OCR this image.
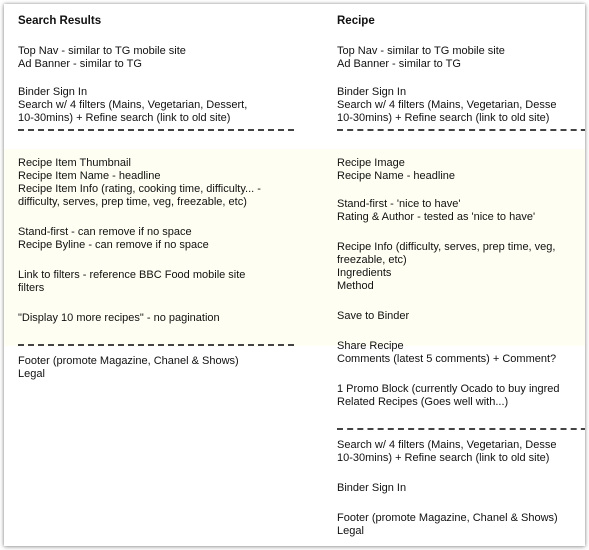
Search Results
Top Nav - similar to TG mobile site
Ad Banner - similar to TG
Binder Sign In
Search w/ 4 filters (Mains, Vegetarian, Dessert,
10-30mins) + Refine search (link to old site)
Recipe Item Thumbnail
Recipe Item Name - headline
Recipe Item Info (rating, cooking time, difficulty... -
difficulty, serves, prep time, veg, freezable, etc)
Stand-first - can remove if no space
Recipe Byline - can remove if no space
Link to filters - reference BBC Food mobile site
filters
"Display 10 more recipes" - no pagination
Footer (promote Magazine, Chanel & Shows)
Legal
Recipe
Top Nav - similar to TG mobile site
Ad Banner - similar to TG
Binder Sign In
Search w/ 4 filters (Mains, Vegetarian, Desse
10-30mins) + Refine search (link to old site)
Recipe Image
Recipe Name - headline
Stand-first - 'nice to have'
Rating & Author - tested as 'nice to have'
Recipe Info (difficulty, serves, prep time, veg,
freezable, etc)
Ingredients
Method
Save to Binder
Share Recipe
Comments (latest 5 comments) + Comment?
1 Promo Block (currently Ocado to buy ingred
Related Recipes (Goes well with...)
Search w/ 4 filters (Mains, Vegetarian, Desse
10-30mins) + Refine search (link to old site)
Binder Sign In
Footer (promote Magazine, Chanel & Shows)
Legal
